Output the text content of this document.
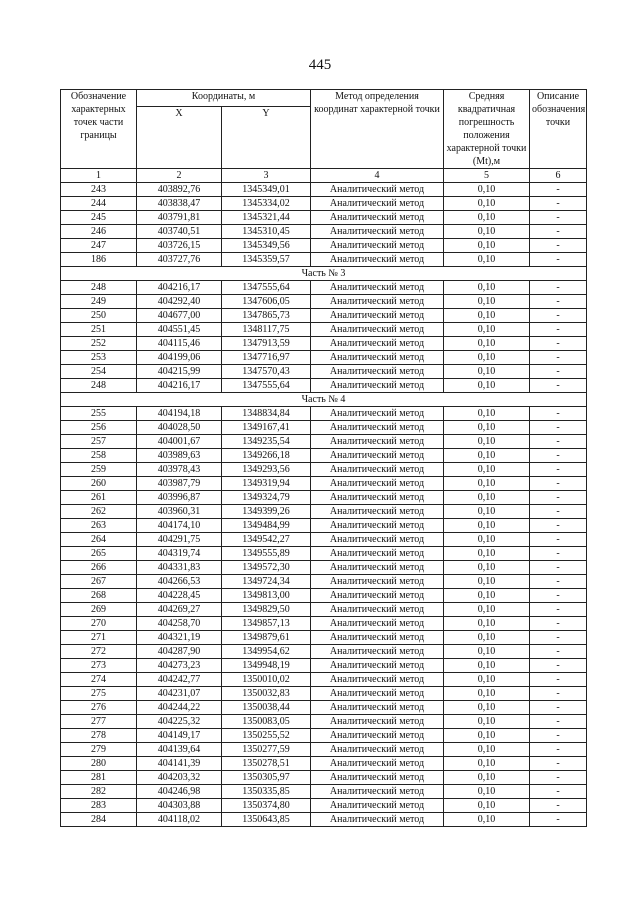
445
Обозначение характерных точек части границы	Координаты, м		Метод определения координат характерной точки	Средняя квадратичная погрешность положения характерной точки (Mt),м	Описание обозначения точки
	X	Y			
1	2	3	4	5	6
243	403892,76	1345349,01	Аналитический метод	0,10	-
244	403838,47	1345334,02	Аналитический метод	0,10	-
245	403791,81	1345321,44	Аналитический метод	0,10	-
246	403740,51	1345310,45	Аналитический метод	0,10	-
247	403726,15	1345349,56	Аналитический метод	0,10	-
186	403727,76	1345359,57	Аналитический метод	0,10	-
Часть № 3					
248	404216,17	1347555,64	Аналитический метод	0,10	-
249	404292,40	1347606,05	Аналитический метод	0,10	-
250	404677,00	1347865,73	Аналитический метод	0,10	-
251	404551,45	1348117,75	Аналитический метод	0,10	-
252	404115,46	1347913,59	Аналитический метод	0,10	-
253	404199,06	1347716,97	Аналитический метод	0,10	-
254	404215,99	1347570,43	Аналитический метод	0,10	-
248	404216,17	1347555,64	Аналитический метод	0,10	-
Часть № 4					
255	404194,18	1348834,84	Аналитический метод	0,10	-
256	404028,50	1349167,41	Аналитический метод	0,10	-
257	404001,67	1349235,54	Аналитический метод	0,10	-
258	403989,63	1349266,18	Аналитический метод	0,10	-
259	403978,43	1349293,56	Аналитический метод	0,10	-
260	403987,79	1349319,94	Аналитический метод	0,10	-
261	403996,87	1349324,79	Аналитический метод	0,10	-
262	403960,31	1349399,26	Аналитический метод	0,10	-
263	404174,10	1349484,99	Аналитический метод	0,10	-
264	404291,75	1349542,27	Аналитический метод	0,10	-
265	404319,74	1349555,89	Аналитический метод	0,10	-
266	404331,83	1349572,30	Аналитический метод	0,10	-
267	404266,53	1349724,34	Аналитический метод	0,10	-
268	404228,45	1349813,00	Аналитический метод	0,10	-
269	404269,27	1349829,50	Аналитический метод	0,10	-
270	404258,70	1349857,13	Аналитический метод	0,10	-
271	404321,19	1349879,61	Аналитический метод	0,10	-
272	404287,90	1349954,62	Аналитический метод	0,10	-
273	404273,23	1349948,19	Аналитический метод	0,10	-
274	404242,77	1350010,02	Аналитический метод	0,10	-
275	404231,07	1350032,83	Аналитический метод	0,10	-
276	404244,22	1350038,44	Аналитический метод	0,10	-
277	404225,32	1350083,05	Аналитический метод	0,10	-
278	404149,17	1350255,52	Аналитический метод	0,10	-
279	404139,64	1350277,59	Аналитический метод	0,10	-
280	404141,39	1350278,51	Аналитический метод	0,10	-
281	404203,32	1350305,97	Аналитический метод	0,10	-
282	404246,98	1350335,85	Аналитический метод	0,10	-
283	404303,88	1350374,80	Аналитический метод	0,10	-
284	404118,02	1350643,85	Аналитический метод	0,10	-
